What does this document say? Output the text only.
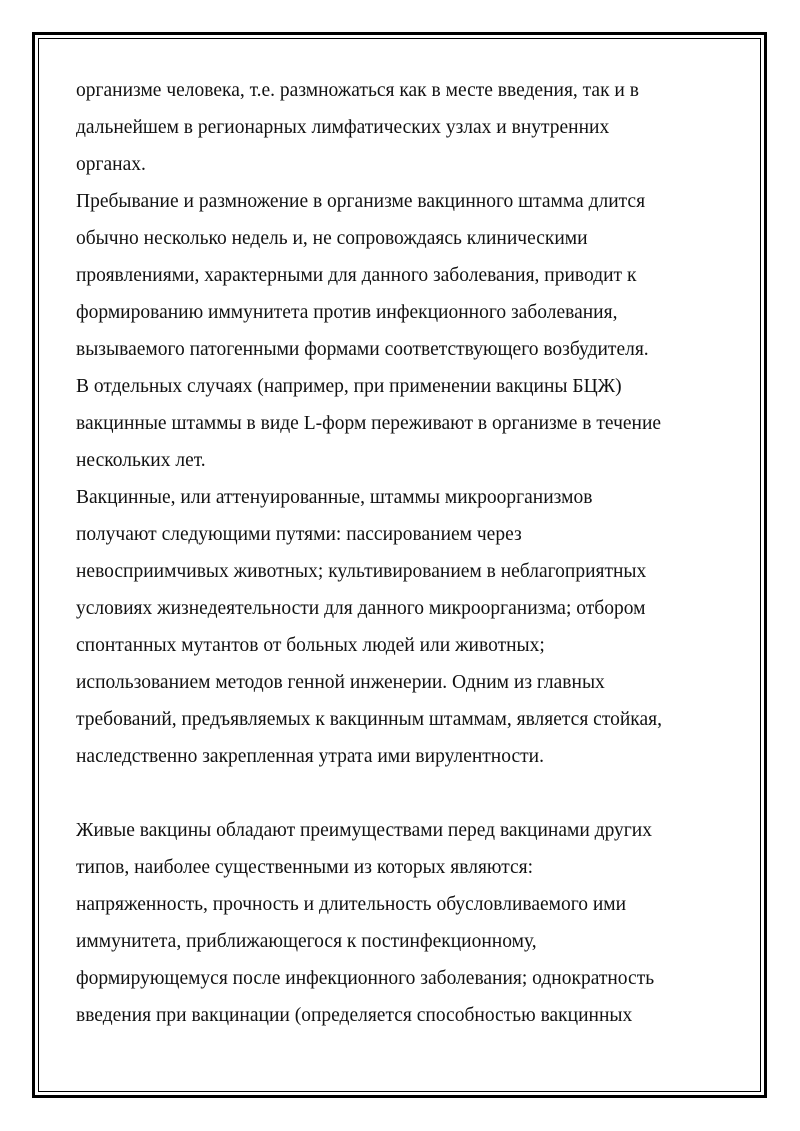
организме человека, т.е. размножаться как в месте введения, так и в
дальнейшем в регионарных лимфатических узлах и внутренних
органах.
Пребывание и размножение в организме вакцинного штамма длится
обычно несколько недель и, не сопровождаясь клиническими
проявлениями, характерными для данного заболевания, приводит к
формированию иммунитета против инфекционного заболевания,
вызываемого патогенными формами соответствующего возбудителя.
В отдельных случаях (например, при применении вакцины БЦЖ)
вакцинные штаммы в виде L-форм переживают в организме в течение
нескольких лет.
Вакцинные, или аттенуированные, штаммы микроорганизмов
получают следующими путями: пассированием через
невосприимчивых животных; культивированием в неблагоприятных
условиях жизнедеятельности для данного микроорганизма; отбором
спонтанных мутантов от больных людей или животных;
использованием методов генной инженерии. Одним из главных
требований, предъявляемых к вакцинным штаммам, является стойкая,
наследственно закрепленная утрата ими вирулентности.
Живые вакцины обладают преимуществами перед вакцинами других
типов, наиболее существенными из которых являются:
напряженность, прочность и длительность обусловливаемого ими
иммунитета, приближающегося к постинфекционному,
формирующемуся после инфекционного заболевания; однократность
введения при вакцинации (определяется способностью вакцинных
